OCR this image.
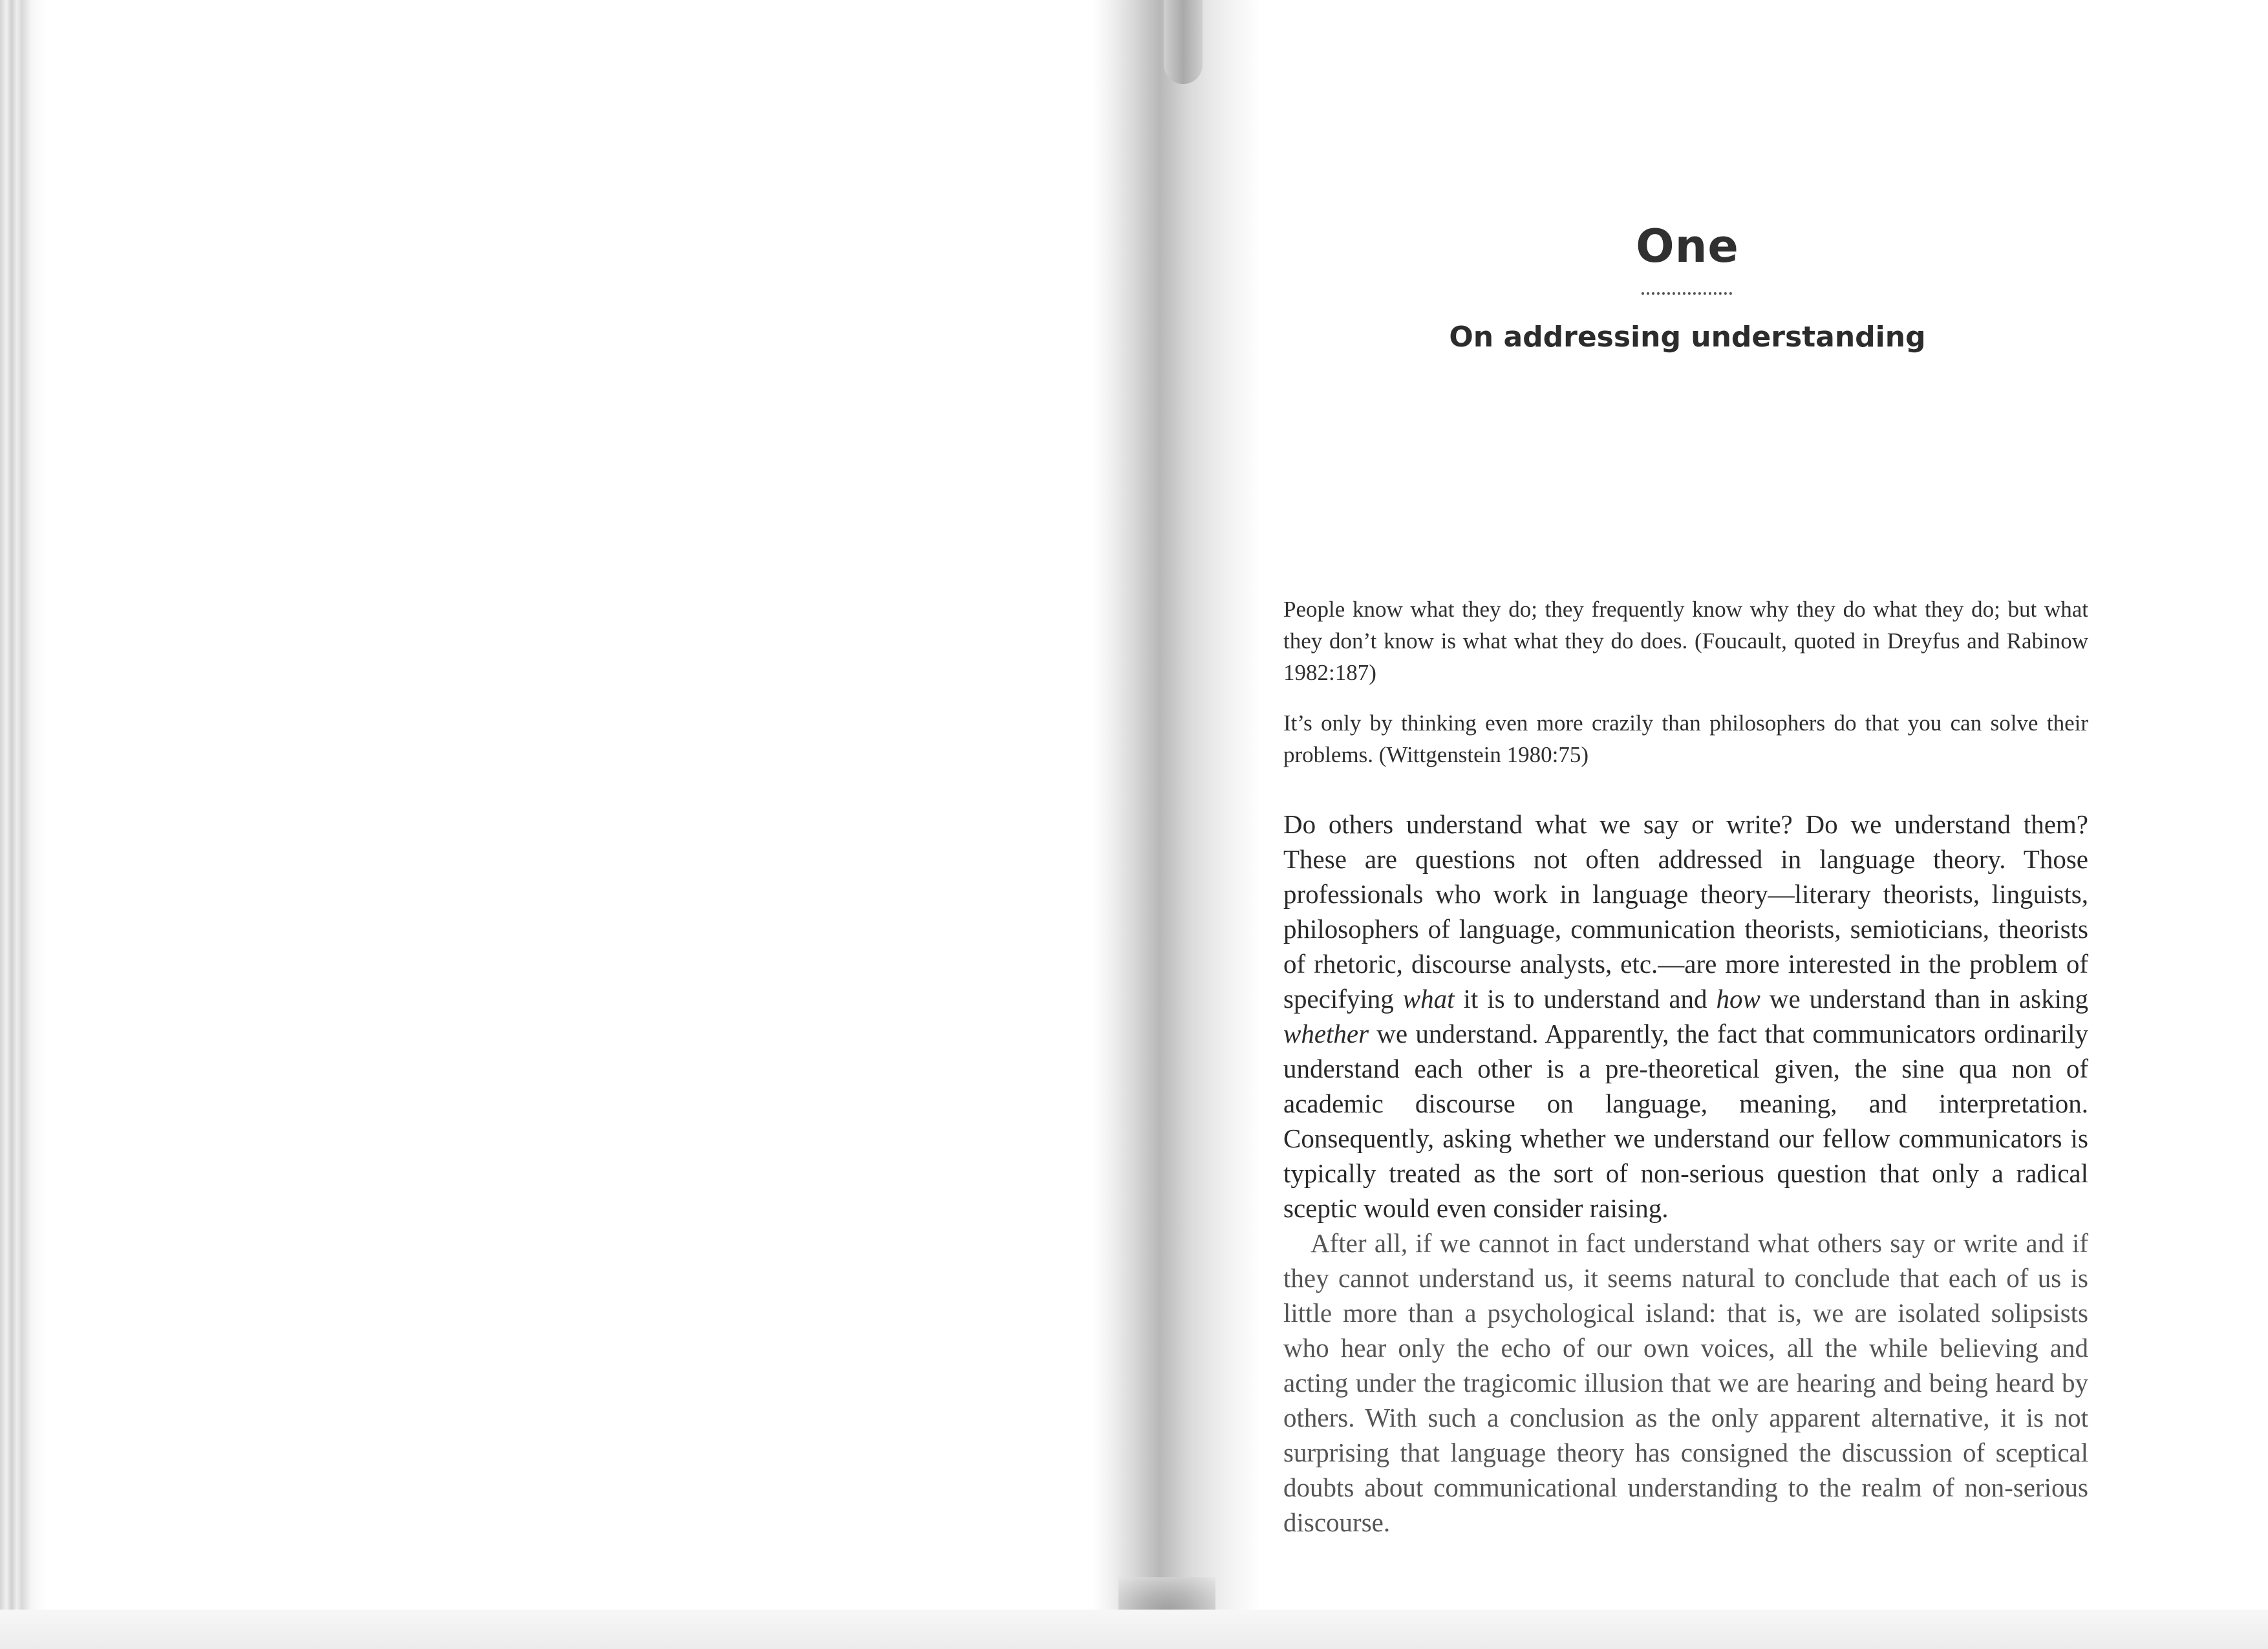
One
On addressing understanding

People know what they do; they frequently know why they do what they do; but what they don’t know is what what they do does. (Foucault, quoted in Dreyfus and Rabinow 1982:187)

It’s only by thinking even more crazily than philosophers do that you can solve their problems. (Wittgenstein 1980:75)

Do others understand what we say or write? Do we understand them? These are questions not often addressed in language theory. Those professionals who work in language theory—literary theorists, linguists, philosophers of language, communication theorists, semioticians, theorists of rhetoric, discourse analysts, etc.—are more interested in the problem of specifying what it is to understand and how we understand than in asking whether we understand. Apparently, the fact that communicators ordinarily understand each other is a pre-theoretical given, the sine qua non of academic discourse on language, meaning, and interpretation. Consequently, asking whether we understand our fellow communicators is typically treated as the sort of non-serious question that only a radical sceptic would even consider raising.

After all, if we cannot in fact understand what others say or write and if they cannot understand us, it seems natural to conclude that each of us is little more than a psychological island: that is, we are isolated solipsists who hear only the echo of our own voices, all the while believing and acting under the tragicomic illusion that we are hearing and being heard by others. With such a conclusion as the only apparent alternative, it is not surprising that language theory has consigned the discussion of sceptical doubts about communicational understanding to the realm of non-serious discourse.
